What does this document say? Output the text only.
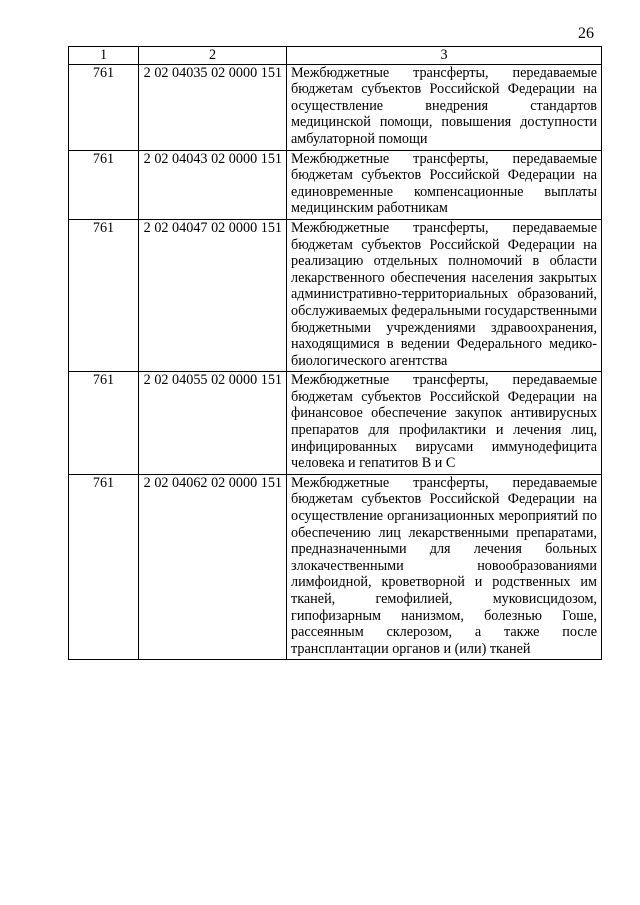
26
1	2	3
761	2 02 04035 02 0000 151	Межбюджетные трансферты, передаваемые бюджетам субъектов Российской Федерации на осуществление внедрения стандартов медицинской помощи, повышения доступности амбулаторной помощи
761	2 02 04043 02 0000 151	Межбюджетные трансферты, передаваемые бюджетам субъектов Российской Федерации на единовременные компенсационные выплаты медицинским работникам
761	2 02 04047 02 0000 151	Межбюджетные трансферты, передаваемые бюджетам субъектов Российской Федерации на реализацию отдельных полномочий в области лекарственного обеспечения населения закрытых административно-территориальных образований, обслуживаемых федеральными государственными бюджетными учреждениями здравоохранения, находящимися в ведении Федерального медико-биологического агентства
761	2 02 04055 02 0000 151	Межбюджетные трансферты, передаваемые бюджетам субъектов Российской Федерации на финансовое обеспечение закупок антивирусных препаратов для профилактики и лечения лиц, инфицированных вирусами иммунодефицита человека и гепатитов B и C
761	2 02 04062 02 0000 151	Межбюджетные трансферты, передаваемые бюджетам субъектов Российской Федерации на осуществление организационных мероприятий по обеспечению лиц лекарственными препаратами, предназначенными для лечения больных злокачественными новообразованиями лимфоидной, кроветворной и родственных им тканей, гемофилией, муковисцидозом, гипофизарным нанизмом, болезнью Гоше, рассеянным склерозом, а также после трансплантации органов и (или) тканей
